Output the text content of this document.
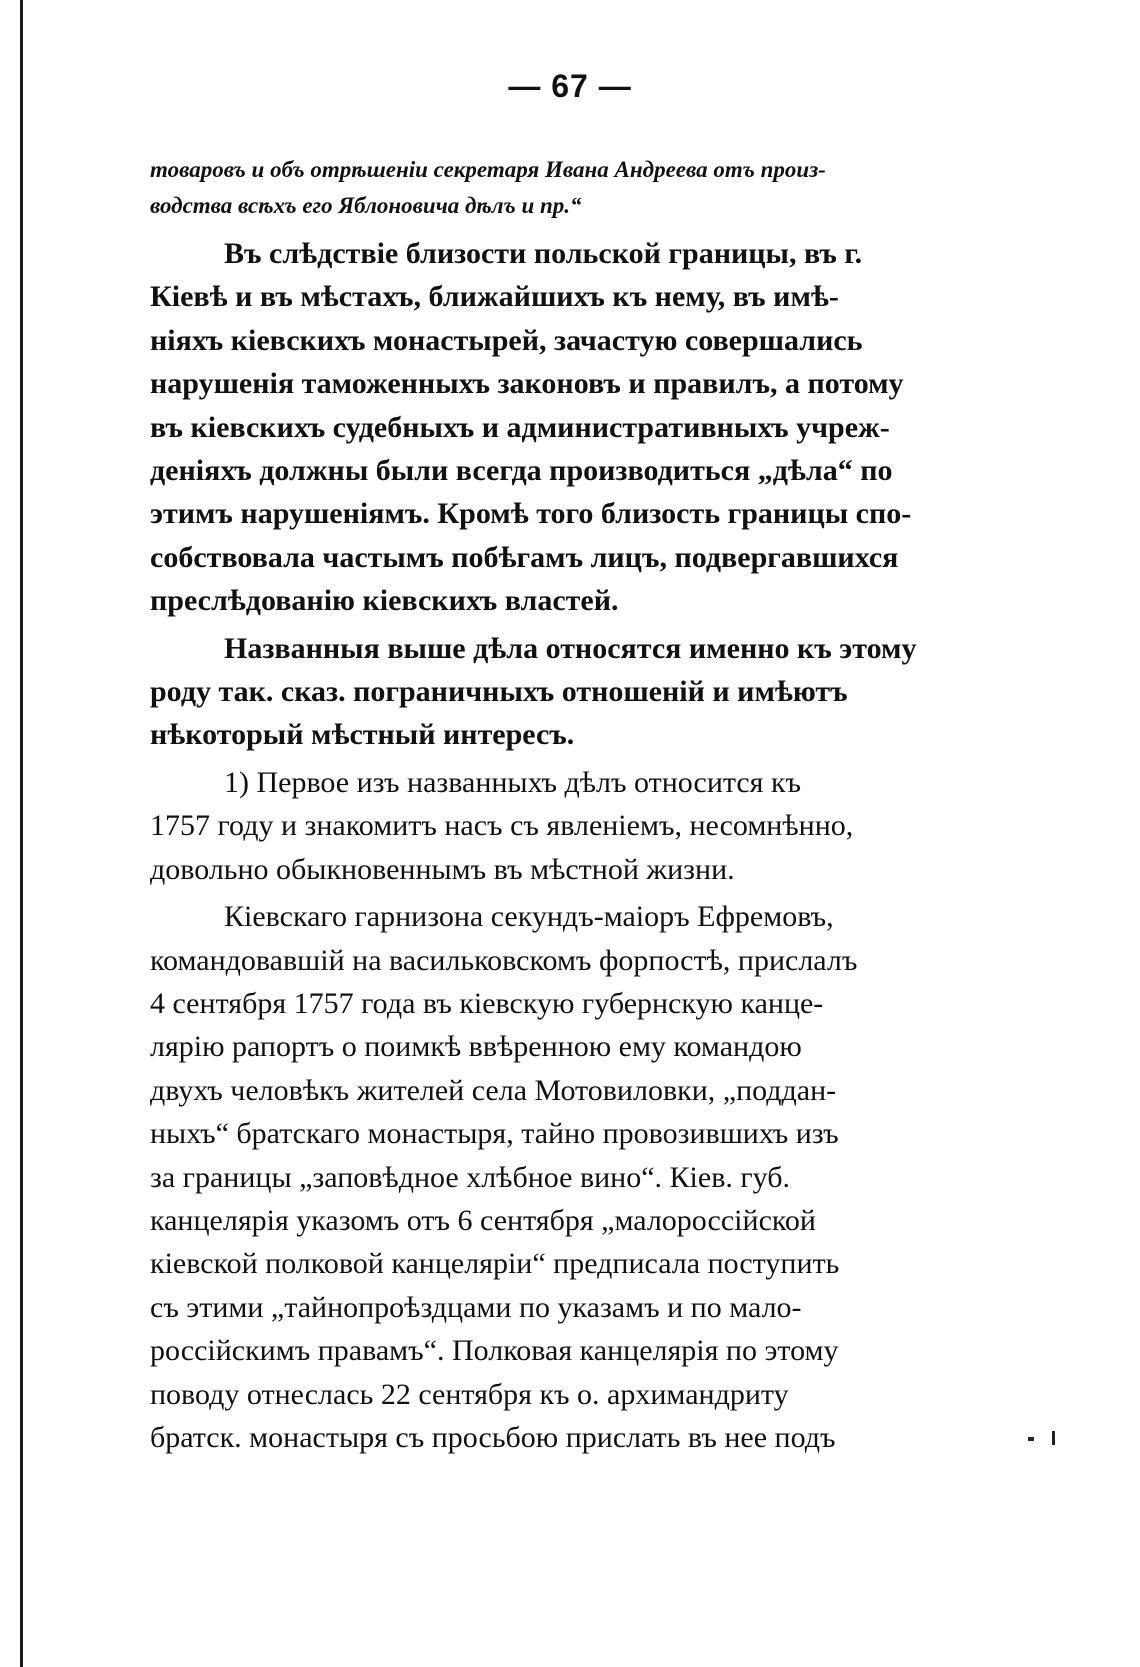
— 67 —
товаровъ и объ отрѣшеніи секретаря Ивана Андреева отъ произ-
водства всѣхъ его Яблоновича дѣлъ и пр.“

Въ слѣдствіе близости польской границы, въ г.
Кіевѣ и въ мѣстахъ, ближайшихъ къ нему, въ имѣ-
ніяхъ кіевскихъ монастырей, зачастую совершались
нарушенія таможенныхъ законовъ и правилъ, а потому
въ кіевскихъ судебныхъ и административныхъ учреж-
деніяхъ должны были всегда производиться „дѣла“ по
этимъ нарушеніямъ. Кромѣ того близость границы спо-
собствовала частымъ побѣгамъ лицъ, подвергавшихся
преслѣдованію кіевскихъ властей.

Названныя выше дѣла относятся именно къ этому
роду так. сказ. пограничныхъ отношеній и имѣютъ
нѣкоторый мѣстный интересъ.

1) Первое изъ названныхъ дѣлъ относится къ
1757 году и знакомитъ насъ съ явленіемъ, несомнѣнно,
довольно обыкновеннымъ въ мѣстной жизни.

Кіевскаго гарнизона секундъ-маіоръ Ефремовъ,
командовавшій на васильковскомъ форпостѣ, прислалъ
4 сентября 1757 года въ кіевскую губернскую канце-
лярію рапортъ о поимкѣ ввѣренною ему командою
двухъ человѣкъ жителей села Мотовиловки, „поддан-
ныхъ“ братскаго монастыря, тайно провозившихъ изъ
за границы „заповѣдное хлѣбное вино“. Кіев. губ.
канцелярія указомъ отъ 6 сентября „малороссійской
кіевской полковой канцеляріи“ предписала поступить
съ этими „тайнопроѣздцами по указамъ и по мало-
россійскимъ правамъ“. Полковая канцелярія по этому
поводу отнеслась 22 сентября къ о. архимандриту
братск. монастыря съ просьбою прислать въ нее подъ
